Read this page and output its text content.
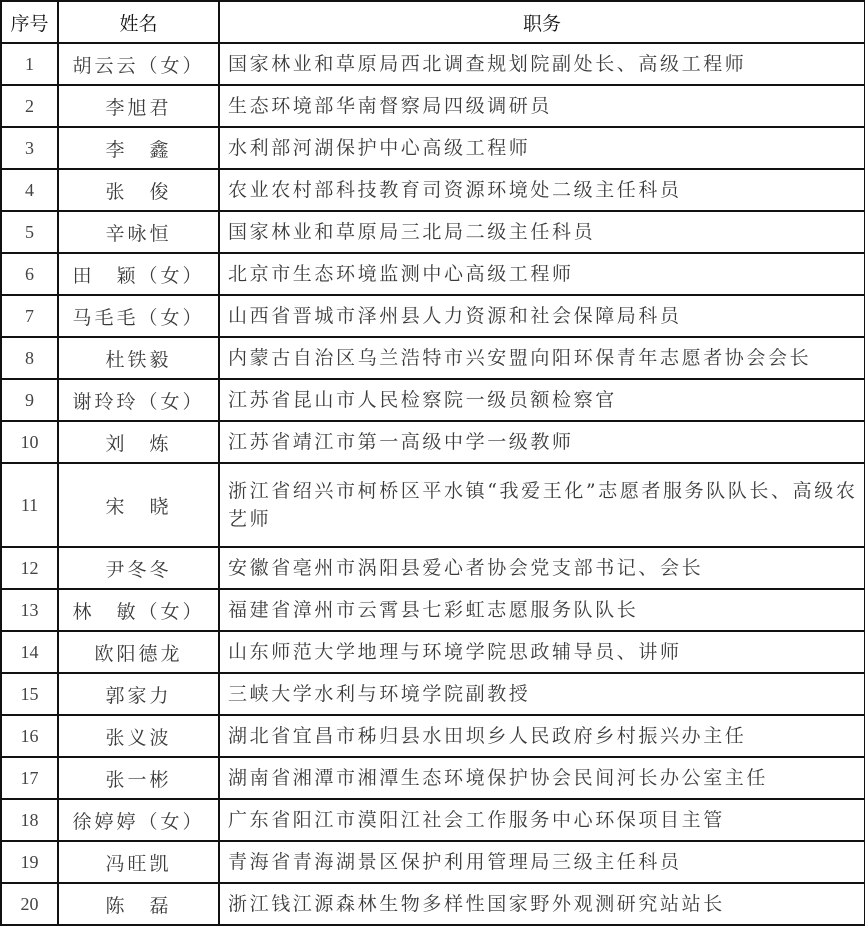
序号	姓名	职务
1	胡云云（女）	国家林业和草原局西北调查规划院副处长、高级工程师
2	李旭君	生态环境部华南督察局四级调研员
3	李　鑫	水利部河湖保护中心高级工程师
4	张　俊	农业农村部科技教育司资源环境处二级主任科员
5	辛咏恒	国家林业和草原局三北局二级主任科员
6	田　颖（女）	北京市生态环境监测中心高级工程师
7	马毛毛（女）	山西省晋城市泽州县人力资源和社会保障局科员
8	杜铁毅	内蒙古自治区乌兰浩特市兴安盟向阳环保青年志愿者协会会长
9	谢玲玲（女）	江苏省昆山市人民检察院一级员额检察官
10	刘　炼	江苏省靖江市第一高级中学一级教师
11	宋　晓	浙江省绍兴市柯桥区平水镇“我爱王化”志愿者服务队队长、高级农艺师
12	尹冬冬	安徽省亳州市涡阳县爱心者协会党支部书记、会长
13	林　敏（女）	福建省漳州市云霄县七彩虹志愿服务队队长
14	欧阳德龙	山东师范大学地理与环境学院思政辅导员、讲师
15	郭家力	三峡大学水利与环境学院副教授
16	张义波	湖北省宜昌市秭归县水田坝乡人民政府乡村振兴办主任
17	张一彬	湖南省湘潭市湘潭生态环境保护协会民间河长办公室主任
18	徐婷婷（女）	广东省阳江市漠阳江社会工作服务中心环保项目主管
19	冯旺凯	青海省青海湖景区保护利用管理局三级主任科员
20	陈　磊	浙江钱江源森林生物多样性国家野外观测研究站站长
